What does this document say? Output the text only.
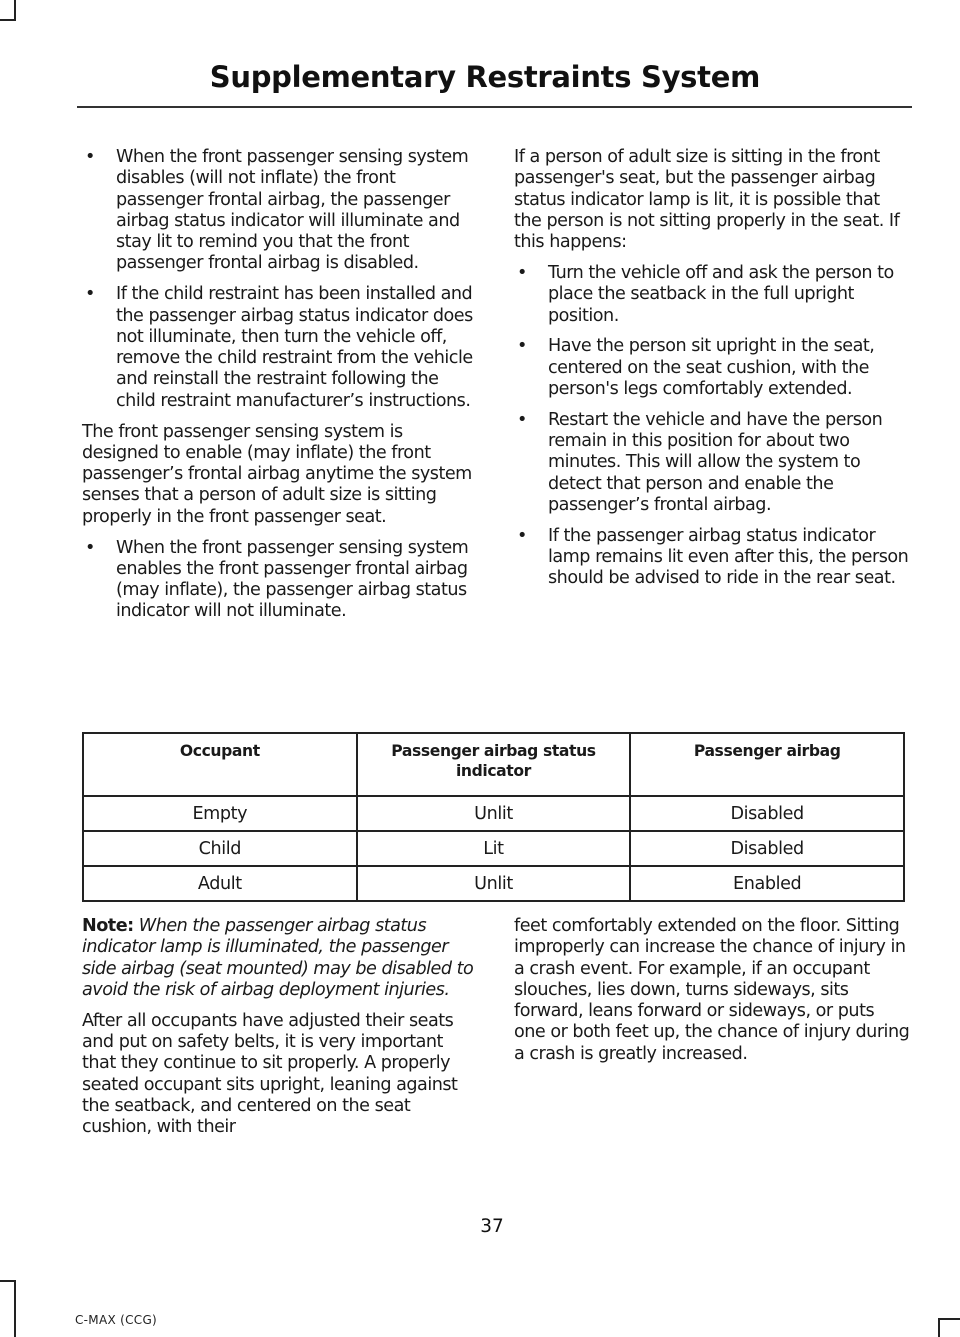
Supplementary Restraints System
• When the front passenger sensing system disables (will not inflate) the front passenger frontal airbag, the passenger airbag status indicator will illuminate and stay lit to remind you that the front passenger frontal airbag is disabled.
• If the child restraint has been installed and the passenger airbag status indicator does not illuminate, then turn the vehicle off, remove the child restraint from the vehicle and reinstall the restraint following the child restraint manufacturer’s instructions.

The front passenger sensing system is designed to enable (may inflate) the front passenger’s frontal airbag anytime the system senses that a person of adult size is sitting properly in the front passenger seat.

• When the front passenger sensing system enables the front passenger frontal airbag (may inflate), the passenger airbag status indicator will not illuminate.

If a person of adult size is sitting in the front passenger's seat, but the passenger airbag status indicator lamp is lit, it is possible that the person is not sitting properly in the seat. If this happens:

• Turn the vehicle off and ask the person to place the seatback in the full upright position.
• Have the person sit upright in the seat, centered on the seat cushion, with the person's legs comfortably extended.
• Restart the vehicle and have the person remain in this position for about two minutes. This will allow the system to detect that person and enable the passenger’s frontal airbag.
• If the passenger airbag status indicator lamp remains lit even after this, the person should be advised to ride in the rear seat.
Occupant	Passenger airbag status indicator	Passenger airbag
Empty	Unlit	Disabled
Child	Lit	Disabled
Adult	Unlit	Enabled

Note: When the passenger airbag status indicator lamp is illuminated, the passenger side airbag (seat mounted) may be disabled to avoid the risk of airbag deployment injuries.

After all occupants have adjusted their seats and put on safety belts, it is very important that they continue to sit properly. A properly seated occupant sits upright, leaning against the seatback, and centered on the seat cushion, with their

feet comfortably extended on the floor. Sitting improperly can increase the chance of injury in a crash event. For example, if an occupant slouches, lies down, turns sideways, sits forward, leans forward or sideways, or puts one or both feet up, the chance of injury during a crash is greatly increased.

37
C-MAX (CCG)
